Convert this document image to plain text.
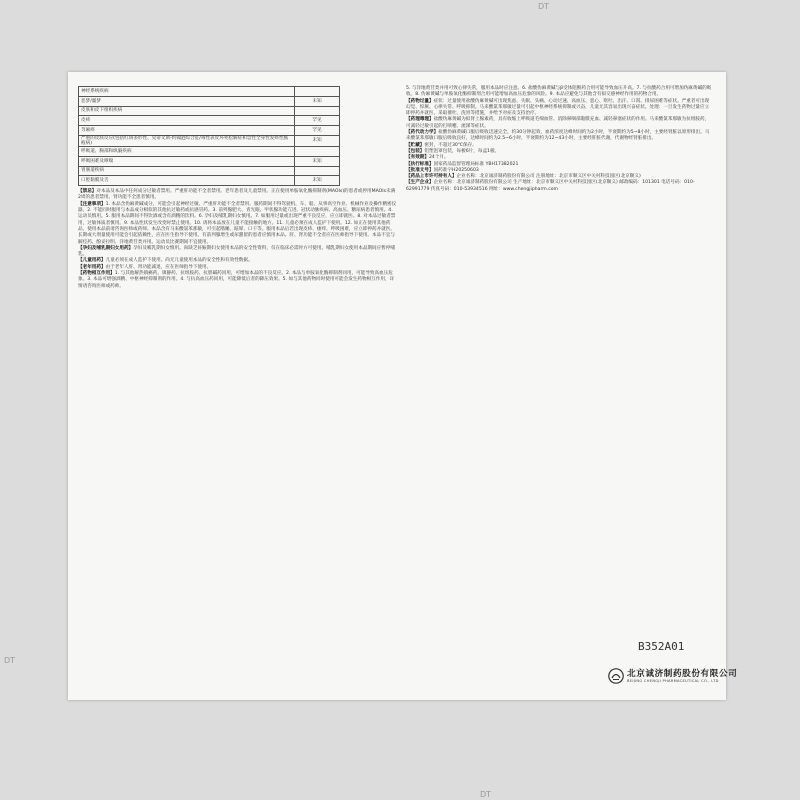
DT
DT
DT
神经系统疾病	
恶梦/噩梦	未知
皮肤和皮下组织疾病	
皮疹	罕见
荨麻疹	罕见
严重的皮肤反应(包括红斑多形性、史蒂文斯-约翰逊综合征/毒性表皮坏死松解症和急性全身性发疹性脓疱病)	未知
呼吸道、胸部和纵膈疾病	
呼吸困难及哮喘	未知
胃肠道疾病	
口腔黏膜及舌	未知

【禁忌】对本品及本品中任何成分过敏者禁用。严重肝功能不全者禁用。老年患者及儿童禁用。正在使用单胺氧化酶抑制剂(MAOIs)的患者或停用MAOIs未满2周的患者禁用。肾功能不全患者慎用。

【注意事项】1. 本品含伪麻黄碱成分，可能会引起神经过敏、严重肝功能不全者禁用。服药期间不得驾驶机、车、船、从事高空作业、机械作业及操作精密仪器。2. 不能同时服用与本品成分相似的其他抗过敏药或抗感冒药。3. 前列腺肥大、青光眼、甲状腺功能亢进、冠状动脉疾病、高血压、糖尿病患者慎用。4. 运动员慎用。5. 服用本品期间不得饮酒或含有酒精的饮料。6. 孕妇及哺乳期妇女慎用。7. 如服用过量或出现严重不良反应，应立即就医。8. 对本品过敏者禁用，过敏体质者慎用。9. 本品性状发生改变时禁止使用。10. 请将本品放在儿童不能接触的地方。11. 儿童必须在成人监护下使用。12. 如正在使用其他药品，使用本品前请咨询医师或药师。本品含有马来酸氯苯那敏，可引起嗜睡、眩晕、口干等。服用本品后若出现皮疹、瘙痒、呼吸困难，应立即停药并就医。长期或大剂量使用可能会引起依赖性，应在医生指导下使用。有前列腺增生或尿潴留的患者应慎用本品。肝、肾功能不全者应在医师指导下使用。本品不宜与解痉药、酚妥拉明、洋地黄苷类并用。运动员比赛期间不宜使用。

【孕妇及哺乳期妇女用药】孕妇及哺乳期妇女慎用。尚缺乏妊娠期妇女使用本品的安全性资料，仅在临床必需时方可使用。哺乳期妇女使用本品期间应暂停哺乳。

【儿童用药】儿童必须在成人监护下使用。尚无儿童使用本品的安全性和有效性数据。

【老年用药】由于老年人肝、肾功能减退，应在医师指导下使用。

【药物相互作用】1. 与其他解热镇痛药、镇静药、抗组胺药、抗胆碱药同用，可增加本品的不良反应。2. 本品与单胺氧化酶抑制剂同用，可能导致高血压危象。3. 本品可增强酒精、中枢神经抑制剂的作用。4. 与抗高血压药同用，可能降低后者的降压效果。5. 如与其他药物同时使用可能会发生药物相互作用，详情请咨询医师或药师。

5. 与洋地黄苷类并用可致心律失常，服用本品时应注意。6. 盐酸伪麻黄碱与β受体阻断药合用可能导致血压升高。7. 与抗酸药合用可增加伪麻黄碱的吸收。8. 伪麻黄碱与单胺氧化酶抑制剂合用可能增加高血压危象的风险。9. 本品应避免与其他含有拟交感神经作用的药物合用。

【药物过量】症状：过量使用盐酸伪麻黄碱可出现焦虑、失眠、头痛、心动过速、高血压、恶心、呕吐、出汗、口渴、排尿困难等症状。严重者可出现幻觉、惊厥、心律失常、呼吸抑制。马来酸氯苯那敏过量可引起中枢神经系统抑制或兴奋，儿童尤其容易出现兴奋症状。处理：一旦发生药物过量应立即停药并就医，采取催吐、洗胃等措施，并给予对症及支持治疗。

【药理毒理】盐酸伪麻黄碱为拟肾上腺素药，具有收缩上呼吸道毛细血管、消除鼻咽部黏膜充血、减轻鼻塞症状的作用。马来酸氯苯那敏为抗组胺药，可减轻过敏引起的打喷嚏、流涕等症状。

【药代动力学】盐酸伪麻黄碱口服后吸收迅速完全，约30分钟起效，血药浓度达峰时间约为2小时，半衰期约为5~8小时，主要经肾脏以原形排出。马来酸氯苯那敏口服后吸收良好，达峰时间约为2.5~6小时，半衰期约为12~43小时，主要经肝脏代谢，代谢物经肾脏排出。

【贮藏】密封，不超过30℃保存。

【包装】铝塑泡罩包装，每板6片，每盒1板。

【有效期】24个月。

【执行标准】国家药品监督管理局标准 YBH17382021

【批准文号】国药准字H20250603

【药品上市许可持有人】企业名称：北京诚济制药股份有限公司 注册地址：北京市顺义区中关村科技园区(北京顺义)

【生产企业】企业名称：北京诚济制药股份有限公司 生产地址：北京市顺义区中关村科技园区(北京顺义) 邮政编码：101301 电话号码：010-62991779 传真号码：010-53934516 网址：www.chengjipharm.com

B352A01
北京诚济制药股份有限公司
BEIJING CHENGJI PHARMACEUTICAL CO., LTD
